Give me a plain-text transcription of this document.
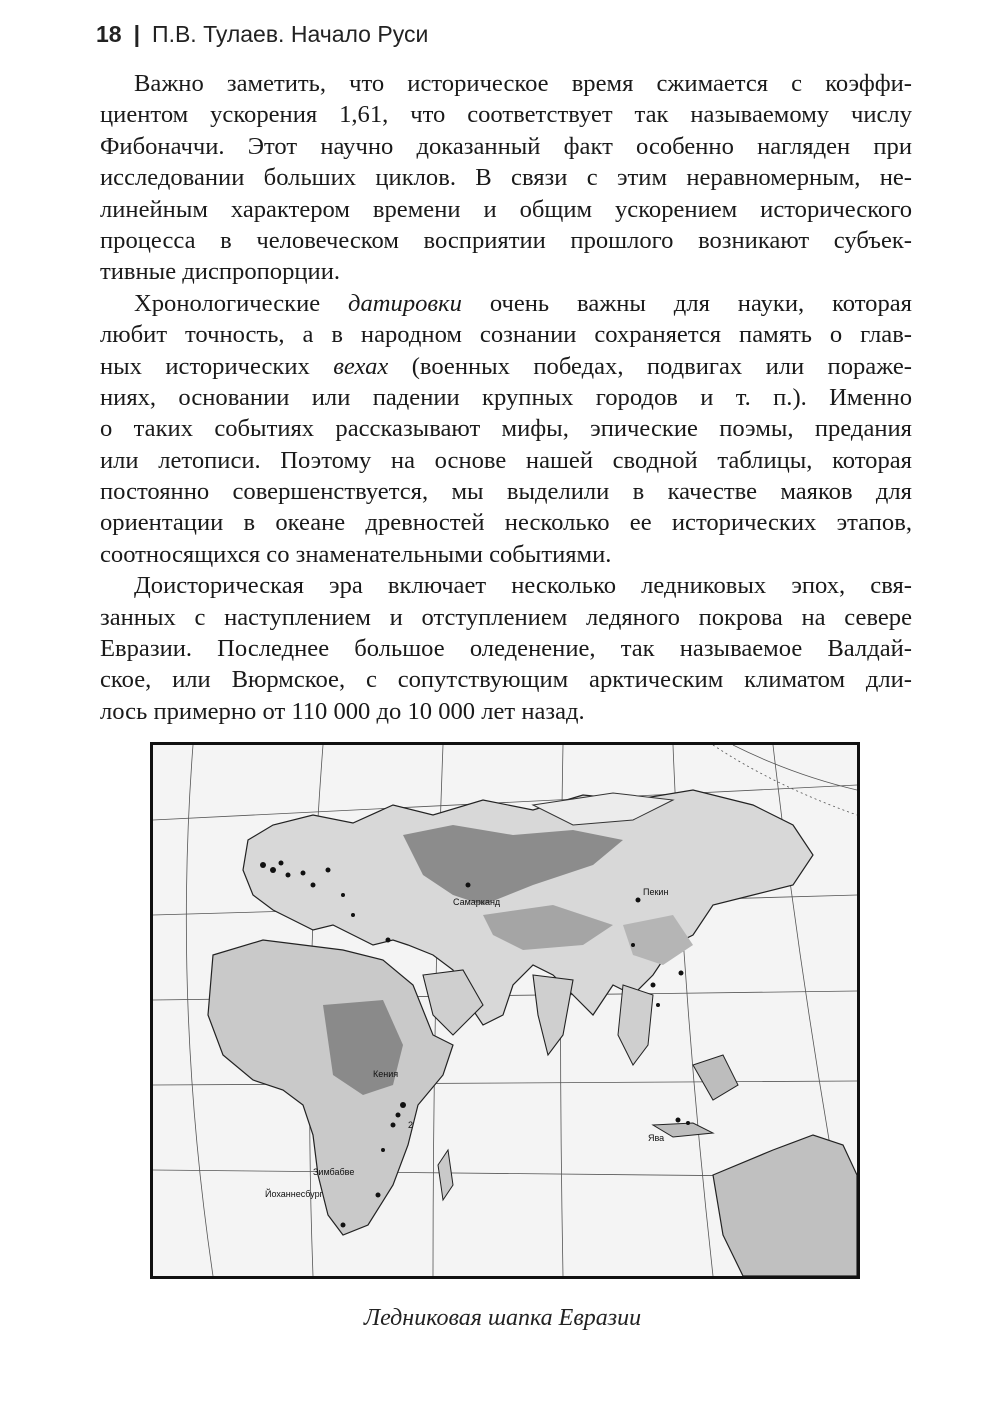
18 | П.В. Тулаев. Начало Руси
Важно заметить, что историческое время сжимается с коэффи-
циентом ускорения 1,61, что соответствует так называемому числу
Фибоначчи. Этот научно доказанный факт особенно нагляден при
исследовании больших циклов. В связи с этим неравномерным, не-
линейным характером времени и общим ускорением исторического
процесса в человеческом восприятии прошлого возникают субъек-
тивные диспропорции.
Хронологические датировки очень важны для науки, которая
любит точность, а в народном сознании сохраняется память о глав-
ных исторических вехах (военных победах, подвигах или пораже-
ниях, основании или падении крупных городов и т. п.). Именно
о таких событиях рассказывают мифы, эпические поэмы, предания
или летописи. Поэтому на основе нашей сводной таблицы, которая
постоянно совершенствуется, мы выделили в качестве маяков для
ориентации в океане древностей несколько ее исторических этапов,
соотносящихся со знаменательными событиями.
Доисторическая эра включает несколько ледниковых эпох, свя-
занных с наступлением и отступлением ледяного покрова на севере
Евразии. Последнее большое оледенение, так называемое Валдай-
ское, или Вюрмское, с сопутствующим арктическим климатом дли-
лось примерно от 110 000 до 10 000 лет назад.
Самарканд
Пекин
Кения
2
Зимбабве
Йоханнесбург
Ява
Ледниковая шапка Евразии
